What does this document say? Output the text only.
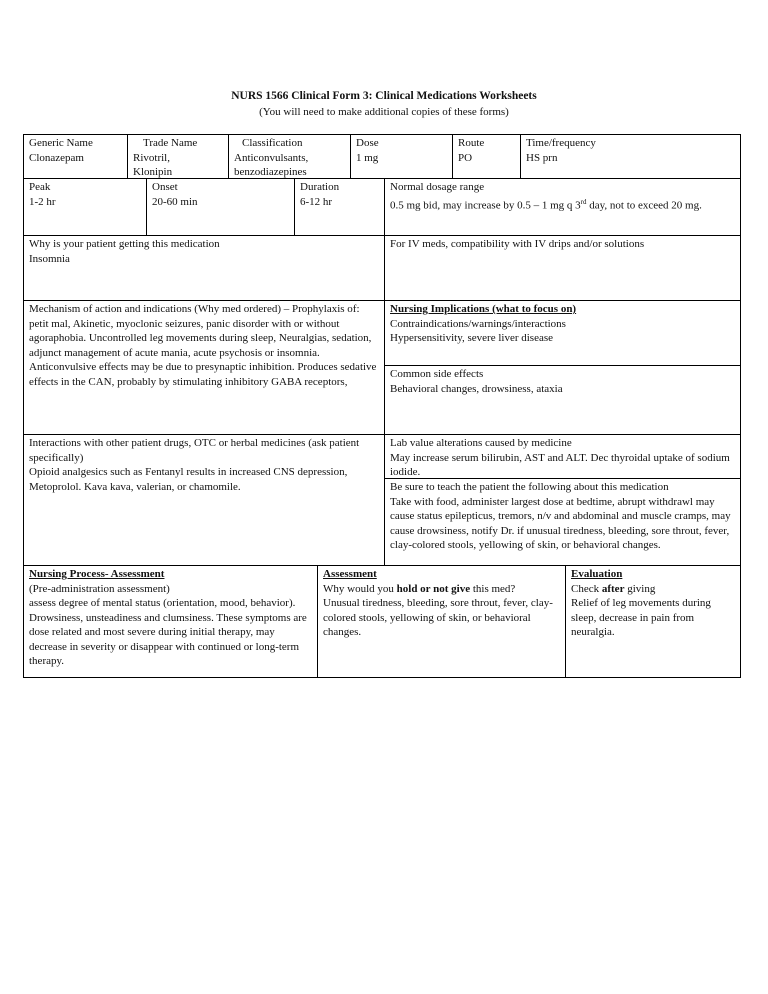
NURS 1566 Clinical Form 3: Clinical Medications Worksheets
(You will need to make additional copies of these forms)

Generic Name

Clonazepam

Trade Name

Rivotril,

Klonipin

Classification

Anticonvulsants,

benzodiazepines

Dose

1 mg

Route

PO

Time/frequency

HS prn

Peak

1-2 hr

Onset

20-60 min

Duration

6-12 hr

Normal dosage range

0.5 mg bid, may increase by 0.5 – 1 mg q 3rd day, not to exceed 20 mg.

Why is your patient getting this medication

Insomnia

For IV meds, compatibility with IV drips and/or solutions

Mechanism of action and indications (Why med ordered) – Prophylaxis of: petit mal, Akinetic, myoclonic seizures, panic disorder with or without agoraphobia. Uncontrolled leg movements during sleep, Neuralgias, sedation, adjunct management of acute mania, acute psychosis or insomnia. Anticonvulsive effects may be due to presynaptic inhibition. Produces sedative effects in the CAN, probably by stimulating inhibitory GABA receptors,

Nursing Implications (what to focus on)

Contraindications/warnings/interactions

Hypersensitivity, severe liver disease

Common side effects

Behavioral changes, drowsiness, ataxia

Interactions with other patient drugs, OTC or herbal medicines (ask patient specifically)

Opioid analgesics such as Fentanyl results in increased CNS depression, Metoprolol. Kava kava, valerian, or chamomile.

Lab value alterations caused by medicine

May increase serum bilirubin, AST and ALT. Dec thyroidal uptake of sodium iodide.

Be sure to teach the patient the following about this medication

Take with food, administer largest dose at bedtime, abrupt withdrawl may cause status epilepticus, tremors, n/v and abdominal and muscle cramps, may cause drowsiness, notify Dr. if unusual tiredness, bleeding, sore throut, fever, clay-colored stools, yellowing of skin, or behavioral changes.

Nursing Process- Assessment

(Pre-administration assessment)

assess degree of mental status (orientation, mood, behavior). Drowsiness, unsteadiness and clumsiness. These symptoms are dose related and most severe during initial therapy, may decrease in severity or disappear with continued or long-term therapy.

Assessment

Why would you hold or not give this med?

Unusual tiredness, bleeding, sore throut, fever, clay-colored stools, yellowing of skin, or behavioral changes.

Evaluation

Check after giving

Relief of leg movements during sleep, decrease in pain from neuralgia.
